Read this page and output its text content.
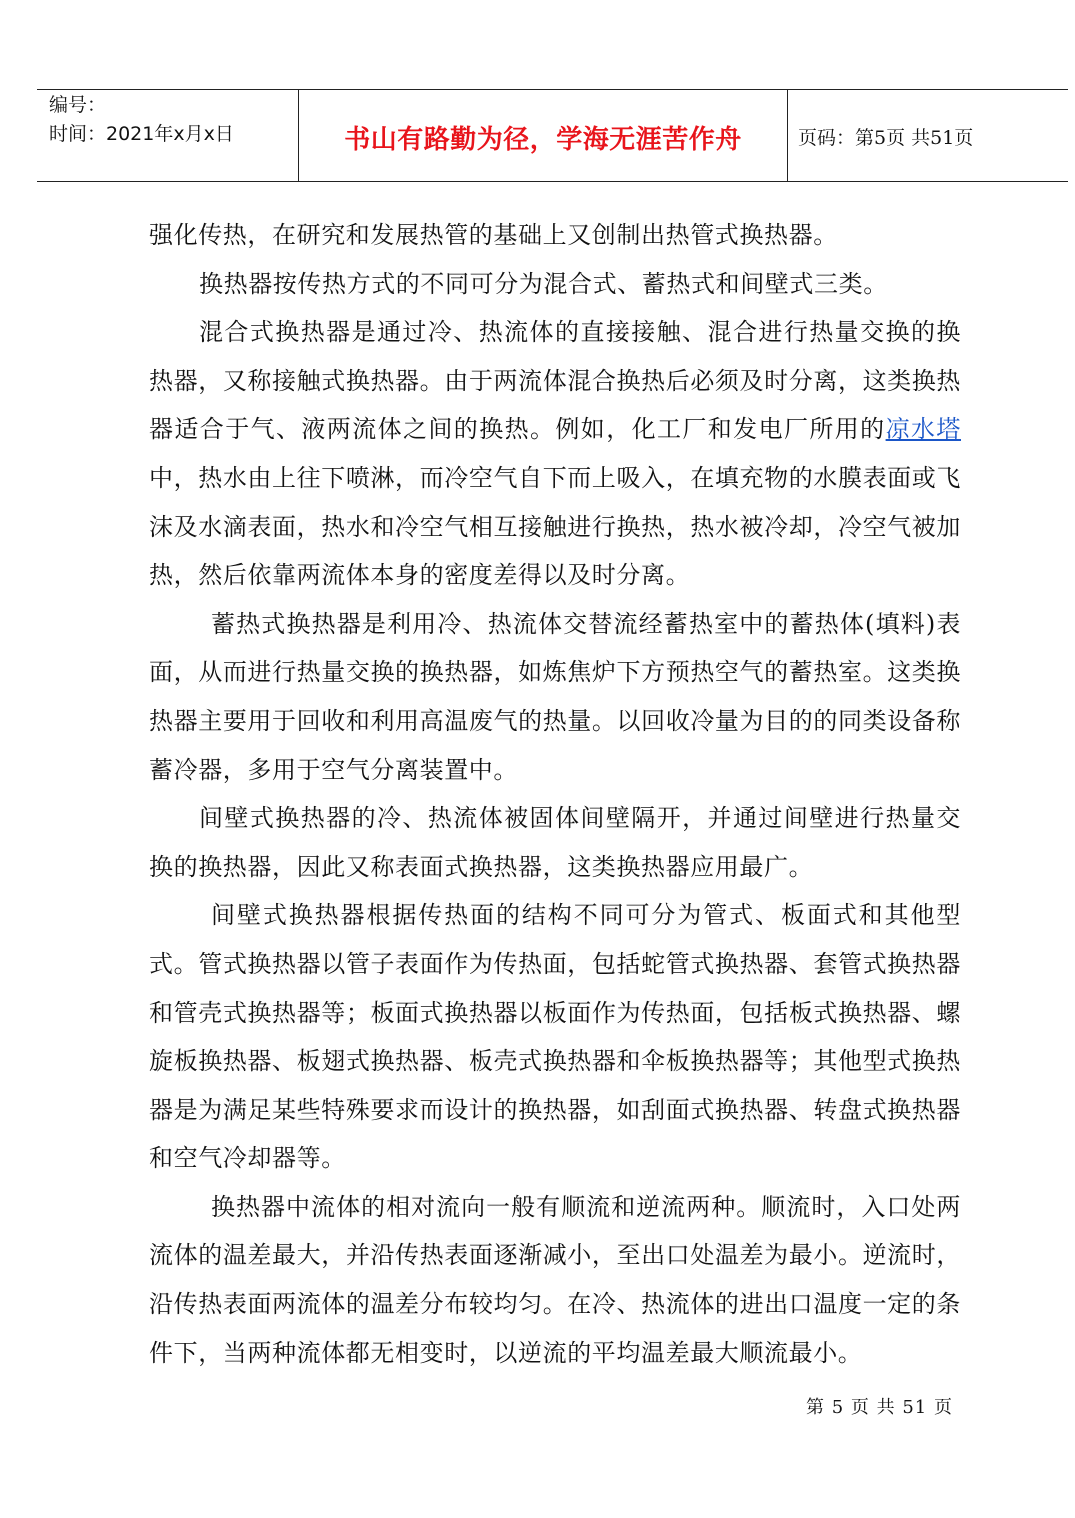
编号：
时间：2021年x月x日	书山有路勤为径，学海无涯苦作舟	页码：第5页 共51页

强化传热，在研究和发展热管的基础上又创制出热管式换热器。

换热器按传热方式的不同可分为混合式、蓄热式和间壁式三类。

混合式换热器是通过冷、热流体的直接接触、混合进行热量交换的换热器，又称接触式换热器。由于两流体混合换热后必须及时分离，这类换热器适合于气、液两流体之间的换热。例如，化工厂和发电厂所用的凉水塔中，热水由上往下喷淋，而冷空气自下而上吸入，在填充物的水膜表面或飞沫及水滴表面，热水和冷空气相互接触进行换热，热水被冷却，冷空气被加热，然后依靠两流体本身的密度差得以及时分离。

蓄热式换热器是利用冷、热流体交替流经蓄热室中的蓄热体(填料)表面，从而进行热量交换的换热器，如炼焦炉下方预热空气的蓄热室。这类换热器主要用于回收和利用高温废气的热量。以回收冷量为目的的同类设备称蓄冷器，多用于空气分离装置中。

间壁式换热器的冷、热流体被固体间壁隔开，并通过间壁进行热量交换的换热器，因此又称表面式换热器，这类换热器应用最广。

间壁式换热器根据传热面的结构不同可分为管式、板面式和其他型式。管式换热器以管子表面作为传热面，包括蛇管式换热器、套管式换热器和管壳式换热器等；板面式换热器以板面作为传热面，包括板式换热器、螺旋板换热器、板翅式换热器、板壳式换热器和伞板换热器等；其他型式换热器是为满足某些特殊要求而设计的换热器，如刮面式换热器、转盘式换热器和空气冷却器等。

换热器中流体的相对流向一般有顺流和逆流两种。顺流时，入口处两流体的温差最大，并沿传热表面逐渐减小，至出口处温差为最小。逆流时，沿传热表面两流体的温差分布较均匀。在冷、热流体的进出口温度一定的条件下，当两种流体都无相变时，以逆流的平均温差最大顺流最小。

第 5 页 共 51 页
